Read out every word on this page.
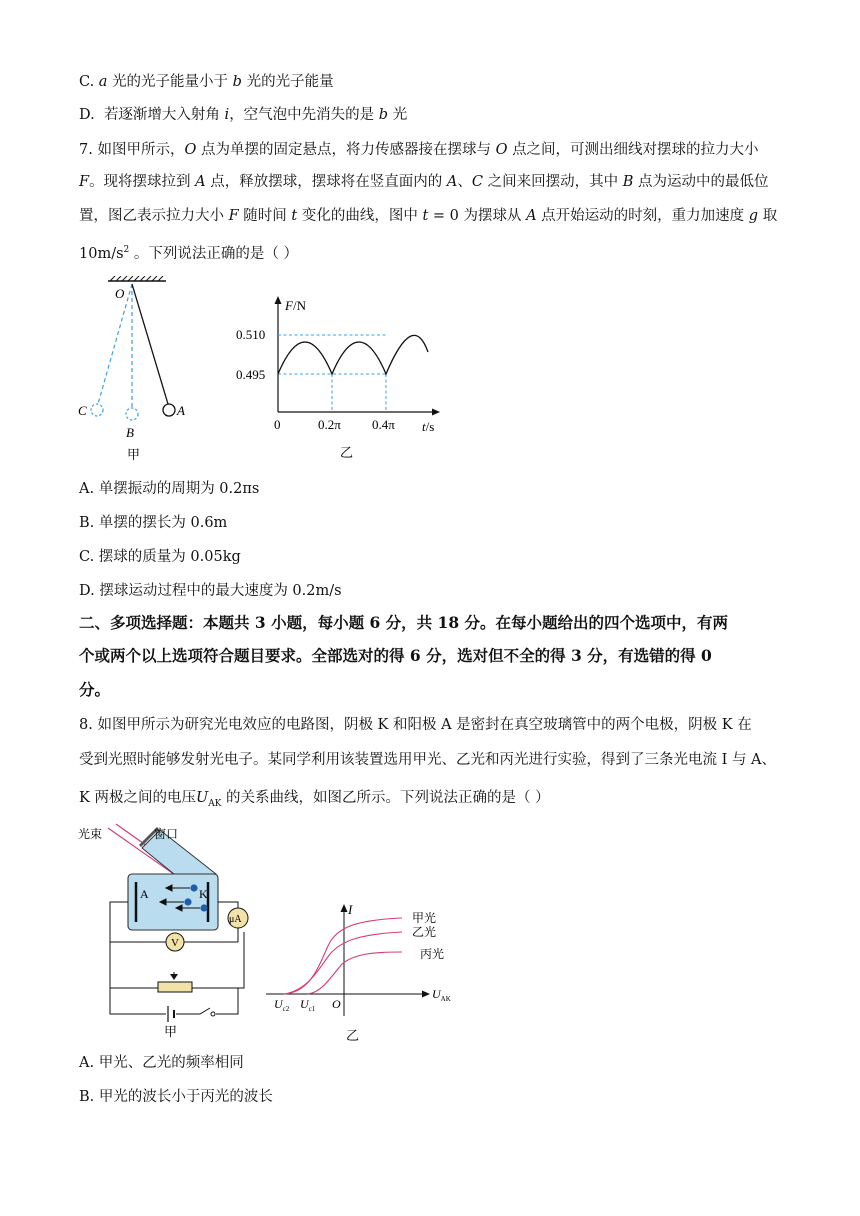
C. a 光的光子能量小于 b 光的光子能量
D. 若逐渐增大入射角 i，空气泡中先消失的是 b 光
7. 如图甲所示，O 点为单摆的固定悬点，将力传感器接在摆球与 O 点之间，可测出细线对摆球的拉力大小
F。现将摆球拉到 A 点，释放摆球，摆球将在竖直面内的 A、C 之间来回摆动，其中 B 点为运动中的最低位
置，图乙表示拉力大小 F 随时间 t 变化的曲线，图中 t = 0 为摆球从 A 点开始运动的时刻，重力加速度 g 取
$10m/s^2$ 。下列说法正确的是（ ）
O
C
B
A
甲
F/N
0.510
0.495
0	0.2π 0.4π t/s
乙
A. 单摆振动的周期为 0.2πs
B. 单摆的摆长为 0.6m
C. 摆球的质量为 0.05kg
D. 摆球运动过程中的最大速度为 0.2m/s
二、多项选择题：本题共 3 小题，每小题 6 分，共 18 分。在每小题给出的四个选项中，有两
个或两个以上选项符合题目要求。全部选对的得 6 分，选对但不全的得 3 分，有选错的得 0
分。
8. 如图甲所示为研究光电效应的电路图，阴极 K 和阳极 A 是密封在真空玻璃管中的两个电极，阴极 K 在
受到光照时能够发射光电子。某同学利用该装置选用甲光、乙光和丙光进行实验，得到了三条光电流 I 与 A、
K 两极之间的电压$U_{AK}$ 的关系曲线，如图乙所示。下列说法正确的是（ ）
A	K
光束	窗口
μA
V
甲
I
甲光
乙光
丙光
O
$U_{c2}$ $U_{c1}$
$U_{AK}$
乙
A. 甲光、乙光的频率相同
B. 甲光的波长小于丙光的波长
